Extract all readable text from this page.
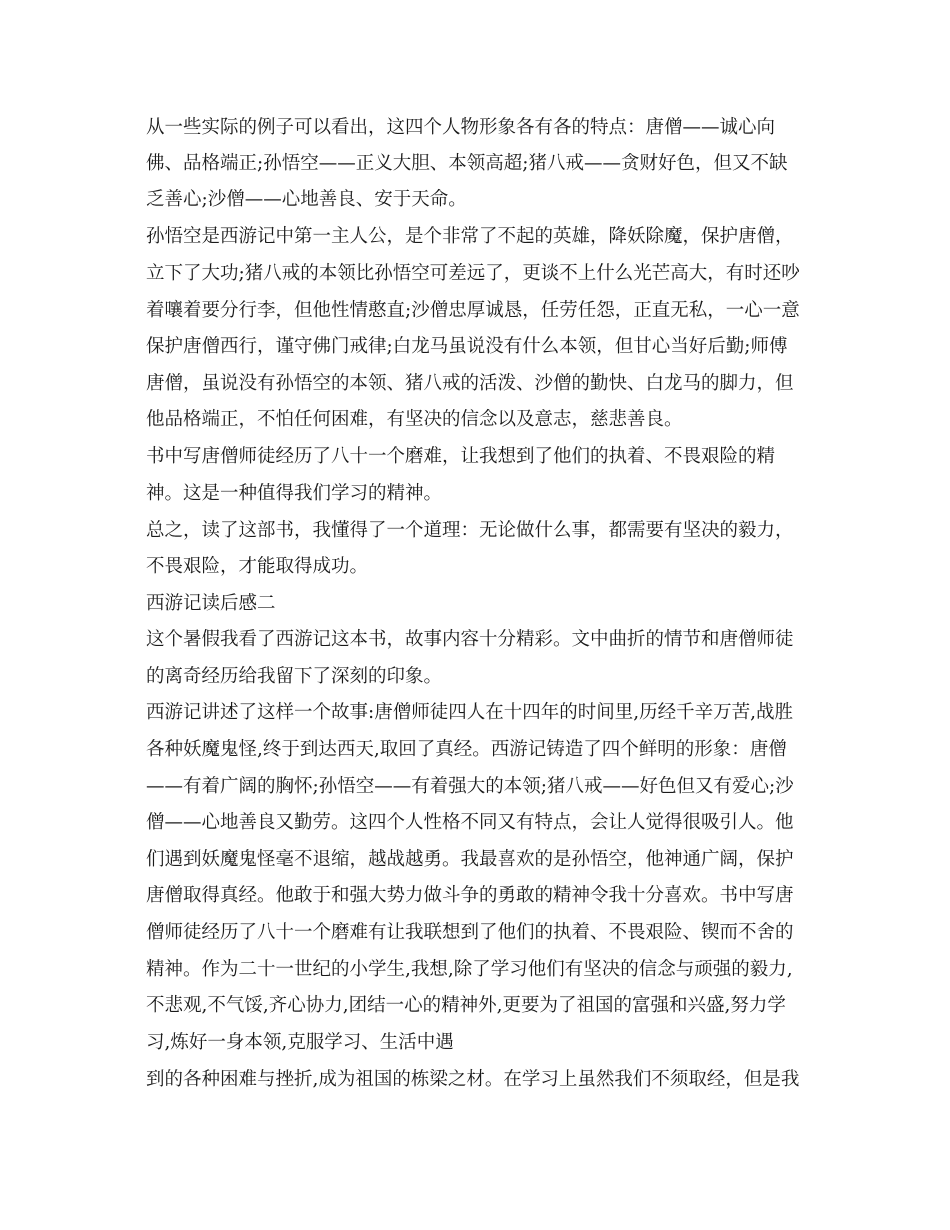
从一些实际的例子可以看出，这四个人物形象各有各的特点：唐僧——诚心向
佛、品格端正;孙悟空——正义大胆、本领高超;猪八戒——贪财好色，但又不缺
乏善心;沙僧——心地善良、安于天命。
孙悟空是西游记中第一主人公，是个非常了不起的英雄，降妖除魔，保护唐僧，
立下了大功;猪八戒的本领比孙悟空可差远了，更谈不上什么光芒高大，有时还吵
着嚷着要分行李，但他性情憨直;沙僧忠厚诚恳，任劳任怨，正直无私，一心一意
保护唐僧西行，谨守佛门戒律;白龙马虽说没有什么本领，但甘心当好后勤;师傅
唐僧，虽说没有孙悟空的本领、猪八戒的活泼、沙僧的勤快、白龙马的脚力，但
他品格端正，不怕任何困难，有坚决的信念以及意志，慈悲善良。
书中写唐僧师徒经历了八十一个磨难，让我想到了他们的执着、不畏艰险的精
神。这是一种值得我们学习的精神。
总之，读了这部书，我懂得了一个道理：无论做什么事，都需要有坚决的毅力，
不畏艰险，才能取得成功。
西游记读后感二
这个暑假我看了西游记这本书，故事内容十分精彩。文中曲折的情节和唐僧师徒
的离奇经历给我留下了深刻的印象。
西游记讲述了这样一个故事:唐僧师徒四人在十四年的时间里,历经千辛万苦,战胜
各种妖魔鬼怪,终于到达西天,取回了真经。西游记铸造了四个鲜明的形象：唐僧
——有着广阔的胸怀;孙悟空——有着强大的本领;猪八戒——好色但又有爱心;沙
僧——心地善良又勤劳。这四个人性格不同又有特点，会让人觉得很吸引人。他
们遇到妖魔鬼怪毫不退缩，越战越勇。我最喜欢的是孙悟空，他神通广阔，保护
唐僧取得真经。他敢于和强大势力做斗争的勇敢的精神令我十分喜欢。书中写唐
僧师徒经历了八十一个磨难有让我联想到了他们的执着、不畏艰险、锲而不舍的
精神。作为二十一世纪的小学生,我想,除了学习他们有坚决的信念与顽强的毅力,
不悲观,不气馁,齐心协力,团结一心的精神外,更要为了祖国的富强和兴盛,努力学
习,炼好一身本领,克服学习、生活中遇
到的各种困难与挫折,成为祖国的栋梁之材。在学习上虽然我们不须取经，但是我
